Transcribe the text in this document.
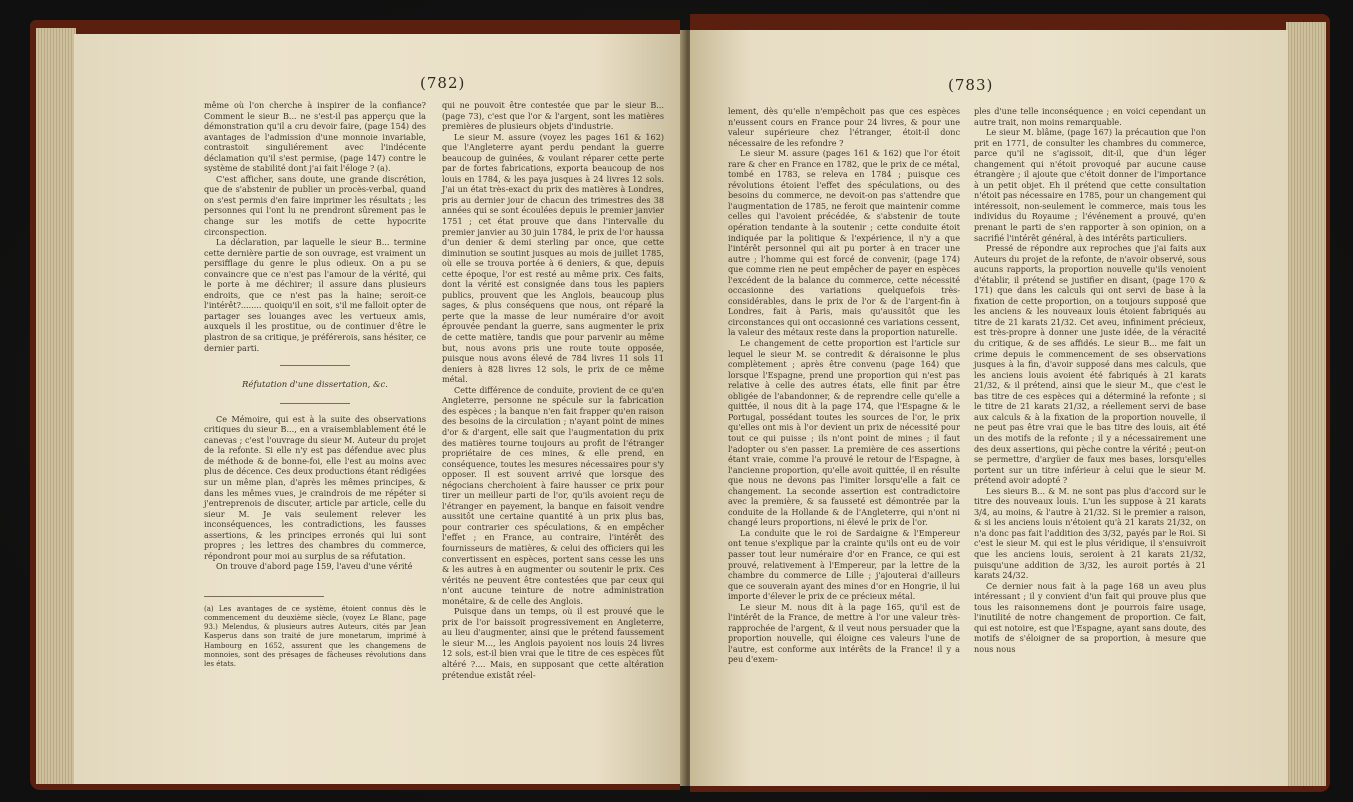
(782)

même où l'on cherche à inspirer de la confiance? Comment le sieur B... ne s'est-il pas apperçu que la démonstration qu'il a cru devoir faire, (page 154) des avantages de l'admission d'une monnoie invariable, contrastoit singuliérement avec l'indécente déclamation qu'il s'est permise, (page 147) contre le système de stabilité dont j'ai fait l'éloge ? (a).

C'est afficher, sans doute, une grande discrétion, que de s'abstenir de publier un procès-verbal, quand on s'est permis d'en faire imprimer les résultats ; les personnes qui l'ont lu ne prendront sûrement pas le change sur les motifs de cette hypocrite circonspection.

La déclaration, par laquelle le sieur B... termine cette dernière partie de son ouvrage, est vraiment un persifflage du genre le plus odieux. On a pu se convaincre que ce n'est pas l'amour de la vérité, qui le porte à me déchirer; il assure dans plusieurs endroits, que ce n'est pas la haine; seroit-ce l'intérêt?........ quoiqu'il en soit, s'il me falloit opter de partager ses louanges avec les vertueux amis, auxquels il les prostitue, ou de continuer d'être le plastron de sa critique, je préférerois, sans hésiter, ce dernier parti.

Réfutation d'une dissertation, &c.

Ce Mémoire, qui est à la suite des observations critiques du sieur B..., en a vraisemblablement été le canevas ; c'est l'ouvrage du sieur M. Auteur du projet de la refonte. Si elle n'y est pas défendue avec plus de méthode & de bonne-foi, elle l'est au moins avec plus de décence. Ces deux productions étant rédigées sur un même plan, d'après les mêmes principes, & dans les mêmes vues, je craindrois de me répéter si j'entreprenois de discuter, article par article, celle du sieur M. Je vais seulement relever les inconséquences, les contradictions, les fausses assertions, & les principes erronés qui lui sont propres ; les lettres des chambres du commerce, répondront pour moi au surplus de sa réfutation.

On trouve d'abord page 159, l'aveu d'une vérité

(a) Les avantages de ce système, étoient connus dès le commencement du deuxième siècle, (voyez Le Blanc, page 93.) Melendus, & plusieurs autres Auteurs, cités par Jean Kasperus dans son traité de jure monetarum, imprimé à Hambourg en 1652, assurent que les changemens de monnoies, sont des présages de fâcheuses révolutions dans les états.

qui ne pouvoit être contestée que par le sieur B... (page 73), c'est que l'or & l'argent, sont les matières premières de plusieurs objets d'industrie.

Le sieur M. assure (voyez les pages 161 & 162) que l'Angleterre ayant perdu pendant la guerre beaucoup de guinées, & voulant réparer cette perte par de fortes fabrications, exporta beaucoup de nos louis en 1784, & les paya jusques à 24 livres 12 sols. J'ai un état très-exact du prix des matières à Londres, pris au dernier jour de chacun des trimestres des 38 années qui se sont écoulées depuis le premier janvier 1751 ; cet état prouve que dans l'intervalle du premier janvier au 30 juin 1784, le prix de l'or haussa d'un denier & demi sterling par once, que cette diminution se soutint jusques au mois de juillet 1785, où elle se trouva portée à 6 deniers, & que, depuis cette époque, l'or est resté au même prix. Ces faits, dont la vérité est consignée dans tous les papiers publics, prouvent que les Anglois, beaucoup plus sages, & plus conséquens que nous, ont réparé la perte que la masse de leur numéraire d'or avoit éprouvée pendant la guerre, sans augmenter le prix de cette matière, tandis que pour parvenir au même but, nous avons pris une route toute opposée, puisque nous avons élevé de 784 livres 11 sols 11 deniers à 828 livres 12 sols, le prix de ce même métal.

Cette différence de conduite, provient de ce qu'en Angleterre, personne ne spécule sur la fabrication des espèces ; la banque n'en fait frapper qu'en raison des besoins de la circulation ; n'ayant point de mines d'or & d'argent, elle sait que l'augmentation du prix des matières tourne toujours au profit de l'étranger propriétaire de ces mines, & elle prend, en conséquence, toutes les mesures nécessaires pour s'y opposer. Il est souvent arrivé que lorsque des négocians cherchoient à faire hausser ce prix pour tirer un meilleur parti de l'or, qu'ils avoient reçu de l'étranger en payement, la banque en faisoit vendre aussitôt une certaine quantité à un prix plus bas, pour contrarier ces spéculations, & en empêcher l'effet ; en France, au contraire, l'intérêt des fournisseurs de matières, & celui des officiers qui les convertissent en espèces, portent sans cesse les uns & les autres à en augmenter ou soutenir le prix. Ces vérités ne peuvent être contestées que par ceux qui n'ont aucune teinture de notre administration monétaire, & de celle des Anglois.

Puisque dans un temps, où il est prouvé que le prix de l'or baissoit progressivement en Angleterre, au lieu d'augmenter, ainsi que le prétend faussement le sieur M..., les Anglois payoient nos louis 24 livres 12 sols, est-il bien vrai que le titre de ces espèces fût altéré ?.... Mais, en supposant que cette altération prétendue existât réel-

(783)

lement, dès qu'elle n'empêchoit pas que ces espèces n'eussent cours en France pour 24 livres, & pour une valeur supérieure chez l'étranger, étoit-il donc nécessaire de les refondre ?

Le sieur M. assure (pages 161 & 162) que l'or étoit rare & cher en France en 1782, que le prix de ce métal, tombé en 1783, se releva en 1784 ; puisque ces révolutions étoient l'effet des spéculations, ou des besoins du commerce, ne devoit-on pas s'attendre que l'augmentation de 1785, ne feroit que maintenir comme celles qui l'avoient précédée, & s'abstenir de toute opération tendante à la soutenir ; cette conduite étoit indiquée par la politique & l'expérience, il n'y a que l'intérêt personnel qui ait pu porter à en tracer une autre ; l'homme qui est forcé de convenir, (page 174) que comme rien ne peut empêcher de payer en espèces l'excédent de la balance du commerce, cette nécessité occasionne des variations quelquefois très-considérables, dans le prix de l'or & de l'argent-fin à Londres, fait à Paris, mais qu'aussitôt que les circonstances qui ont occasionné ces variations cessent, la valeur des métaux reste dans la proportion naturelle.

Le changement de cette proportion est l'article sur lequel le sieur M. se contredit & déraisonne le plus complètement ; après être convenu (page 164) que lorsque l'Espagne, prend une proportion qui n'est pas relative à celle des autres états, elle finit par être obligée de l'abandonner, & de reprendre celle qu'elle a quittée, il nous dit à la page 174, que l'Espagne & le Portugal, possédant toutes les sources de l'or, le prix qu'elles ont mis à l'or devient un prix de nécessité pour tout ce qui puisse ; ils n'ont point de mines ; il faut l'adopter ou s'en passer. La première de ces assertions étant vraie, comme l'a prouvé le retour de l'Espagne, à l'ancienne proportion, qu'elle avoit quittée, il en résulte que nous ne devons pas l'imiter lorsqu'elle a fait ce changement. La seconde assertion est contradictoire avec la première, & sa fausseté est démontrée par la conduite de la Hollande & de l'Angleterre, qui n'ont ni changé leurs proportions, ni élevé le prix de l'or.

La conduite que le roi de Sardaigne & l'Empereur ont tenue s'explique par la crainte qu'ils ont eu de voir passer tout leur numéraire d'or en France, ce qui est prouvé, relativement à l'Empereur, par la lettre de la chambre du commerce de Lille ; j'ajouterai d'ailleurs que ce souverain ayant des mines d'or en Hongrie, il lui importe d'élever le prix de ce précieux métal.

Le sieur M. nous dit à la page 165, qu'il est de l'intérêt de la France, de mettre à l'or une valeur très-rapprochée de l'argent, & il veut nous persuader que la proportion nouvelle, qui éloigne ces valeurs l'une de l'autre, est conforme aux intérêts de la France! il y a peu d'exem-

ples d'une telle inconséquence ; en voici cependant un autre trait, non moins remarquable.

Le sieur M. blâme, (page 167) la précaution que l'on prit en 1771, de consulter les chambres du commerce, parce qu'il ne s'agissoit, dit-il, que d'un léger changement qui n'étoit provoqué par aucune cause étrangère ; il ajoute que c'étoit donner de l'importance à un petit objet. Eh il prétend que cette consultation n'étoit pas nécessaire en 1785, pour un changement qui intéressoit, non-seulement le commerce, mais tous les individus du Royaume ; l'événement a prouvé, qu'en prenant le parti de s'en rapporter à son opinion, on a sacrifié l'intérêt général, à des intérêts particuliers.

Pressé de répondre aux reproches que j'ai faits aux Auteurs du projet de la refonte, de n'avoir observé, sous aucuns rapports, la proportion nouvelle qu'ils venoient d'établir, il prétend se justifier en disant, (page 170 & 171) que dans les calculs qui ont servi de base à la fixation de cette proportion, on a toujours supposé que les anciens & les nouveaux louis étoient fabriqués au titre de 21 karats 21/32. Cet aveu, infiniment précieux, est très-propre à donner une juste idée, de la véracité du critique, & de ses affidés. Le sieur B... me fait un crime depuis le commencement de ses observations jusques à la fin, d'avoir supposé dans mes calculs, que les anciens louis avoient été fabriqués à 21 karats 21/32, & il prétend, ainsi que le sieur M., que c'est le bas titre de ces espèces qui a déterminé la refonte ; si le titre de 21 karats 21/32, a réellement servi de base aux calculs & à la fixation de la proportion nouvelle, il ne peut pas être vrai que le bas titre des louis, ait été un des motifs de la refonte ; il y a nécessairement une des deux assertions, qui pèche contre la vérité ; peut-on se permettre, d'argüer de faux mes bases, lorsqu'elles portent sur un titre inférieur à celui que le sieur M. prétend avoir adopté ?

Les sieurs B... & M. ne sont pas plus d'accord sur le titre des nouveaux louis. L'un les suppose à 21 karats 3/4, au moins, & l'autre à 21/32. Si le premier a raison, & si les anciens louis n'étoient qu'à 21 karats 21/32, on n'a donc pas fait l'addition des 3/32, payés par le Roi. Si c'est le sieur M. qui est le plus véridique, il s'ensuivroit que les anciens louis, seroient à 21 karats 21/32, puisqu'une addition de 3/32, les auroit portés à 21 karats 24/32.

Ce dernier nous fait à la page 168 un aveu plus intéressant ; il y convient d'un fait qui prouve plus que tous les raisonnemens dont je pourrois faire usage, l'inutilité de notre changement de proportion. Ce fait, qui est notoire, est que l'Espagne, ayant sans doute, des motifs de s'éloigner de sa proportion, à mesure que nous nous
